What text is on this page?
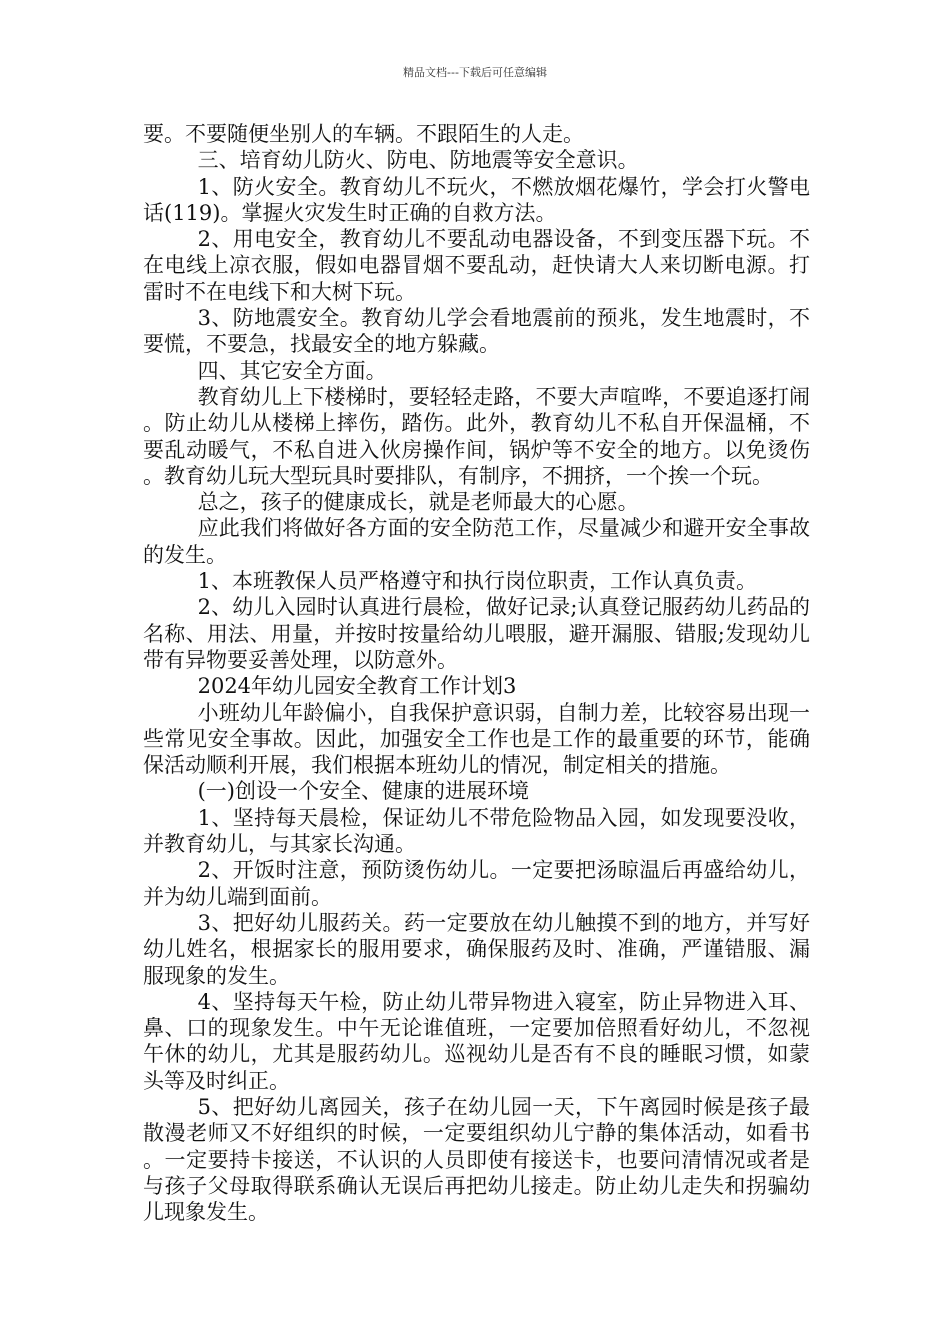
精品文档---下载后可任意编辑

要。不要随便坐别人的车辆。不跟陌生的人走。

三、培育幼儿防火、防电、防地震等安全意识。

1、防火安全。教育幼儿不玩火，不燃放烟花爆竹，学会打火警电话(119)。掌握火灾发生时正确的自救方法。

2、用电安全，教育幼儿不要乱动电器设备，不到变压器下玩。不在电线上凉衣服，假如电器冒烟不要乱动，赶快请大人来切断电源。打雷时不在电线下和大树下玩。

3、防地震安全。教育幼儿学会看地震前的预兆，发生地震时，不要慌，不要急，找最安全的地方躲藏。

四、其它安全方面。

教育幼儿上下楼梯时，要轻轻走路，不要大声喧哗，不要追逐打闹。防止幼儿从楼梯上摔伤，踏伤。此外，教育幼儿不私自开保温桶，不要乱动暖气，不私自进入伙房操作间，锅炉等不安全的地方。以免烫伤。教育幼儿玩大型玩具时要排队，有制序，不拥挤，一个挨一个玩。

总之，孩子的健康成长，就是老师最大的心愿。

应此我们将做好各方面的安全防范工作，尽量减少和避开安全事故的发生。

1、本班教保人员严格遵守和执行岗位职责，工作认真负责。

2、幼儿入园时认真进行晨检，做好记录;认真登记服药幼儿药品的名称、用法、用量，并按时按量给幼儿喂服，避开漏服、错服;发现幼儿带有异物要妥善处理，以防意外。

2024年幼儿园安全教育工作计划3

小班幼儿年龄偏小，自我保护意识弱，自制力差，比较容易出现一些常见安全事故。因此，加强安全工作也是工作的最重要的环节，能确保活动顺利开展，我们根据本班幼儿的情况，制定相关的措施。

(一)创设一个安全、健康的进展环境

1、坚持每天晨检，保证幼儿不带危险物品入园，如发现要没收，并教育幼儿，与其家长沟通。

2、开饭时注意，预防烫伤幼儿。一定要把汤晾温后再盛给幼儿，并为幼儿端到面前。

3、把好幼儿服药关。药一定要放在幼儿触摸不到的地方，并写好幼儿姓名，根据家长的服用要求，确保服药及时、准确，严谨错服、漏服现象的发生。

4、坚持每天午检，防止幼儿带异物进入寝室，防止异物进入耳、鼻、口的现象发生。中午无论谁值班，一定要加倍照看好幼儿，不忽视午休的幼儿，尤其是服药幼儿。巡视幼儿是否有不良的睡眠习惯，如蒙头等及时纠正。

5、把好幼儿离园关，孩子在幼儿园一天，下午离园时候是孩子最散漫老师又不好组织的时候，一定要组织幼儿宁静的集体活动，如看书。一定要持卡接送，不认识的人员即使有接送卡，也要问清情况或者是与孩子父母取得联系确认无误后再把幼儿接走。防止幼儿走失和拐骗幼儿现象发生。
